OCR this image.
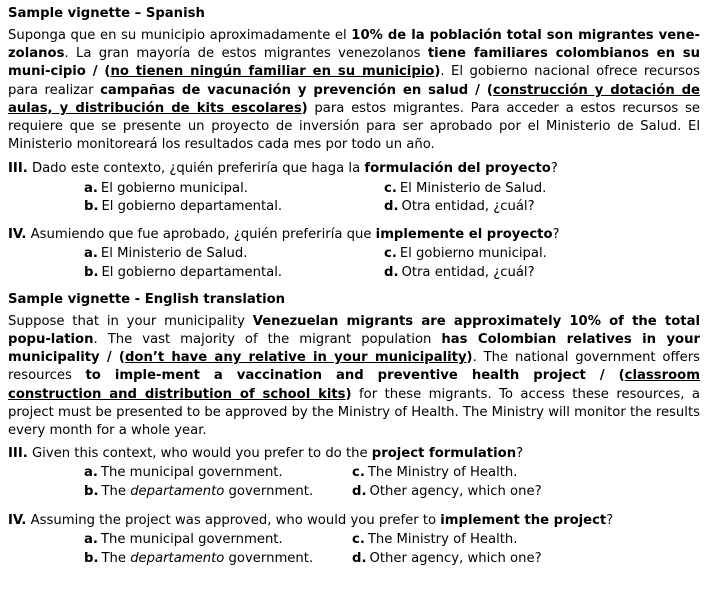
Sample vignette – Spanish
Suponga que en su municipio aproximadamente el 10% de la población total son migrantes vene-zolanos. La gran mayoría de estos migrantes venezolanos tiene familiares colombianos en su muni-cipio / (no tienen ningún familiar en su municipio). El gobierno nacional ofrece recursos para realizar campañas de vacunación y prevención en salud / (construcción y dotación de aulas, y distribución de kits escolares) para estos migrantes. Para acceder a estos recursos se requiere que se presente un proyecto de inversión para ser aprobado por el Ministerio de Salud. El Ministerio monitoreará los resultados cada mes por todo un año.
III. Dado este contexto, ¿quién preferiría que haga la formulación del proyecto?
a. El gobierno municipal.	c. El Ministerio de Salud.
b. El gobierno departamental.	d. Otra entidad, ¿cuál?
IV. Asumiendo que fue aprobado, ¿quién preferiría que implemente el proyecto?
a. El Ministerio de Salud.	c. El gobierno municipal.
b. El gobierno departamental.	d. Otra entidad, ¿cuál?
Sample vignette - English translation
Suppose that in your municipality Venezuelan migrants are approximately 10% of the total popu-lation. The vast majority of the migrant population has Colombian relatives in your municipality / (don’t have any relative in your municipality). The national government offers resources to imple-ment a vaccination and preventive health project / (classroom construction and distribution of school kits) for these migrants. To access these resources, a project must be presented to be approved by the Ministry of Health. The Ministry will monitor the results every month for a whole year.
III. Given this context, who would you prefer to do the project formulation?
a. The municipal government.	c. The Ministry of Health.
b. The departamento government.	d. Other agency, which one?
IV. Assuming the project was approved, who would you prefer to implement the project?
a. The municipal government.	c. The Ministry of Health.
b. The departamento government.	d. Other agency, which one?
